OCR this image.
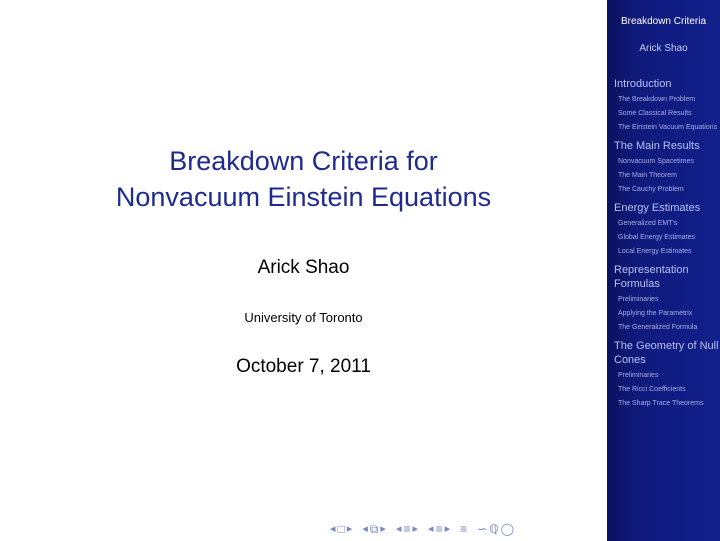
Breakdown Criteria for
Nonvacuum Einstein Equations
Arick Shao
University of Toronto
October 7, 2011
◂ □ ▸ ◂ ⧉ ▸ ◂ ≡ ▸ ◂ ≡ ▸ ≡ ∽ ℚ ◯
Breakdown Criteria
Arick Shao
Introduction
The Breakdown Problem
Some Classical Results
The Einstein Vacuum Equations
The Main Results
Nonvacuum Spacetimes
The Main Theorem
The Cauchy Problem
Energy Estimates
Generalized EMT's
Global Energy Estimates
Local Energy Estimates
Representation Formulas
Preliminaries
Applying the Parametrix
The Generalized Formula
The Geometry of Null Cones
Preliminaries
The Ricci Coefficients
The Sharp Trace Theorems
